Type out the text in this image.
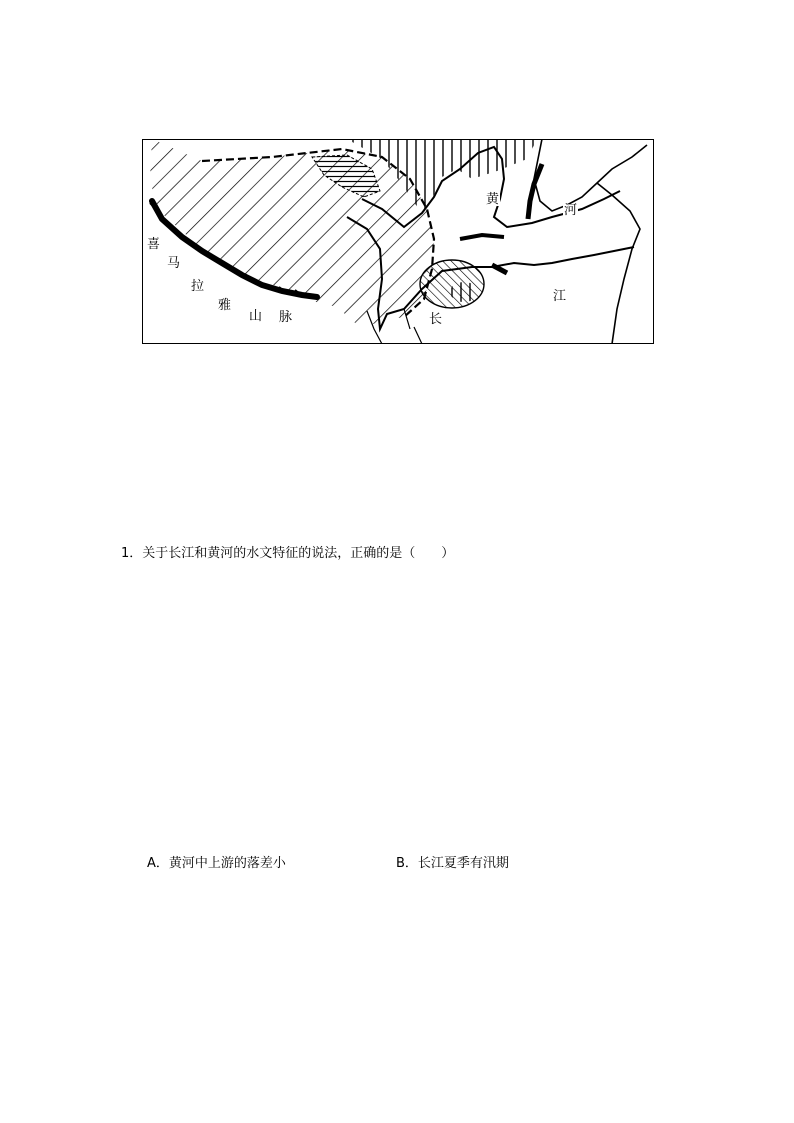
喜
马
拉
雅
山 脉
黄
河
长
江
1．关于长江和黄河的水文特征的说法，正确的是（　　）
A．黄河中上游的落差小	B．长江夏季有汛期
